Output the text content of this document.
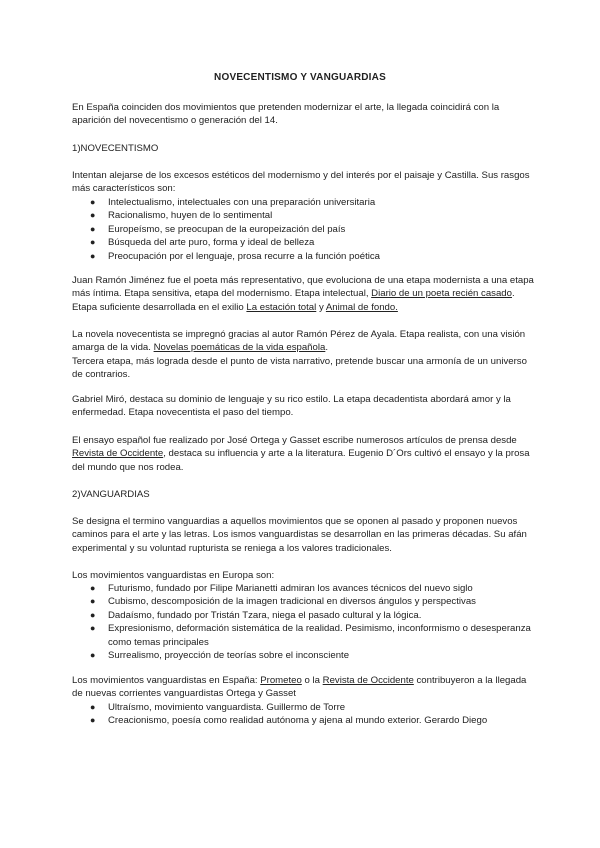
NOVECENTISMO Y VANGUARDIAS

En España coinciden dos movimientos que pretenden modernizar el arte, la llegada coincidirá con la aparición del novecentismo o generación del 14.

1)NOVECENTISMO

Intentan alejarse de los excesos estéticos del modernismo y del interés por el paisaje y Castilla. Sus rasgos más característicos son:

● Intelectualismo, intelectuales con una preparación universitaria
● Racionalismo, huyen de lo sentimental
● Europeísmo, se preocupan de la europeización del país
● Búsqueda del arte puro, forma y ideal de belleza
● Preocupación por el lenguaje, prosa recurre a la función poética

Juan Ramón Jiménez fue el poeta más representativo, que evoluciona de una etapa modernista a una etapa más íntima. Etapa sensitiva, etapa del modernismo. Etapa intelectual, Diario de un poeta recién casado. Etapa suficiente desarrollada en el exilio La estación total y Animal de fondo.

La novela novecentista se impregnó gracias al autor Ramón Pérez de Ayala. Etapa realista, con una visión amarga de la vida. Novelas poemáticas de la vida española.
Tercera etapa, más lograda desde el punto de vista narrativo, pretende buscar una armonía de un universo de contrarios.

Gabriel Miró, destaca su dominio de lenguaje y su rico estilo. La etapa decadentista abordará amor y la enfermedad. Etapa novecentista el paso del tiempo.

El ensayo español fue realizado por José Ortega y Gasset escribe numerosos artículos de prensa desde Revista de Occidente, destaca su influencia y arte a la literatura. Eugenio D´Ors cultivó el ensayo y la prosa del mundo que nos rodea.

2)VANGUARDIAS

Se designa el termino vanguardias a aquellos movimientos que se oponen al pasado y proponen nuevos caminos para el arte y las letras. Los ismos vanguardistas se desarrollan en las primeras décadas. Su afán experimental y su voluntad rupturista se reniega a los valores tradicionales.

Los movimientos vanguardistas en Europa son:

● Futurismo, fundado por Filipe Marianetti admiran los avances técnicos del nuevo siglo
● Cubismo, descomposición de la imagen tradicional en diversos ángulos y perspectivas
● Dadaísmo, fundado por Tristán Tzara, niega el pasado cultural y la lógica.
● Expresionismo, deformación sistemática de la realidad. Pesimismo, inconformismo o desesperanza como temas principales
● Surrealismo, proyección de teorías sobre el inconsciente

Los movimientos vanguardistas en España: Prometeo o la Revista de Occidente contribuyeron a la llegada de nuevas corrientes vanguardistas Ortega y Gasset

● Ultraísmo, movimiento vanguardista. Guillermo de Torre
● Creacionismo, poesía como realidad autónoma y ajena al mundo exterior. Gerardo Diego
